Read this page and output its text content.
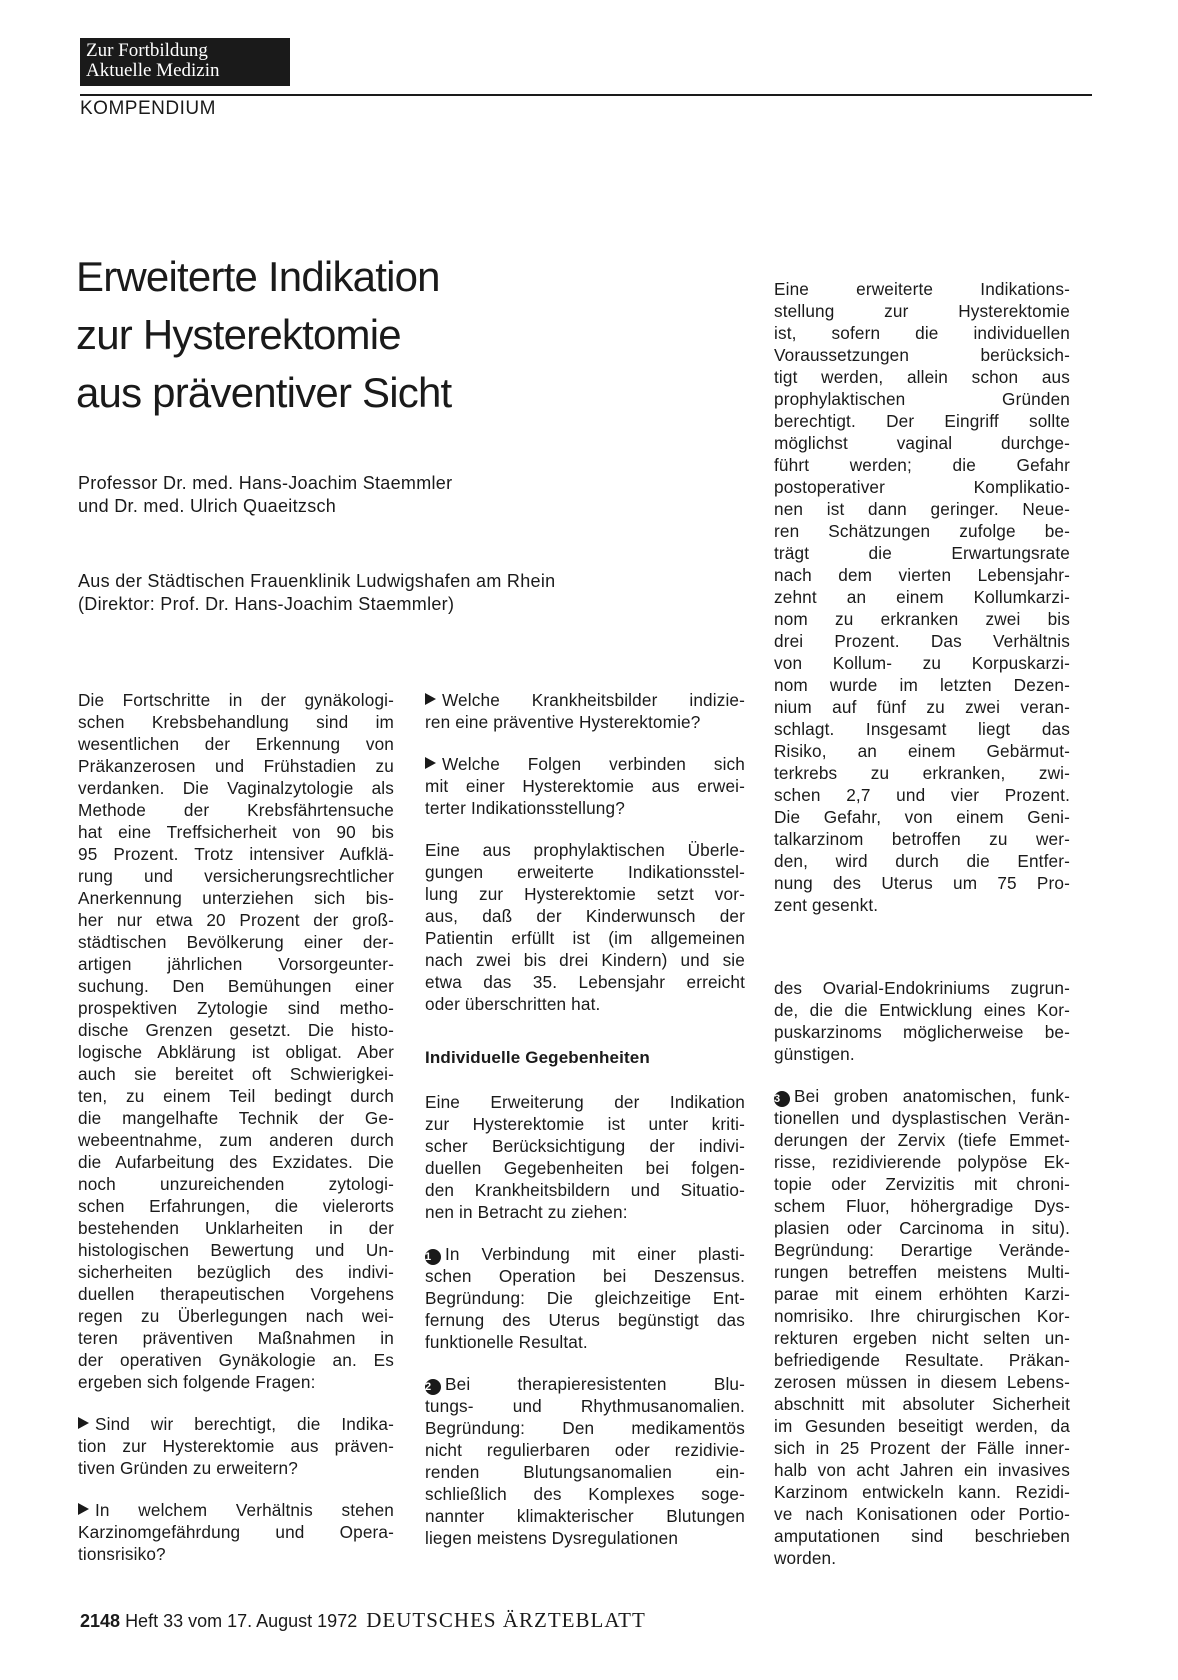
Zur Fortbildung
Aktuelle Medizin
KOMPENDIUM
Erweiterte Indikation
zur Hysterektomie
aus präventiver Sicht
Professor Dr. med. Hans-Joachim Staemmler
und Dr. med. Ulrich Quaeitzsch
Aus der Städtischen Frauenklinik Ludwigshafen am Rhein
(Direktor: Prof. Dr. Hans-Joachim Staemmler)

Die Fortschritte in der gynäkologi-
schen Krebsbehandlung sind im
wesentlichen der Erkennung von
Präkanzerosen und Frühstadien zu
verdanken. Die Vaginalzytologie als
Methode der Krebsfährtensuche
hat eine Treffsicherheit von 90 bis
95 Prozent. Trotz intensiver Aufklä-
rung und versicherungsrechtlicher
Anerkennung unterziehen sich bis-
her nur etwa 20 Prozent der groß-
städtischen Bevölkerung einer der-
artigen jährlichen Vorsorgeunter-
suchung. Den Bemühungen einer
prospektiven Zytologie sind metho-
dische Grenzen gesetzt. Die histo-
logische Abklärung ist obligat. Aber
auch sie bereitet oft Schwierigkei-
ten, zu einem Teil bedingt durch
die mangelhafte Technik der Ge-
webeentnahme, zum anderen durch
die Aufarbeitung des Exzidates. Die
noch unzureichenden zytologi-
schen Erfahrungen, die vielerorts
bestehenden Unklarheiten in der
histologischen Bewertung und Un-
sicherheiten bezüglich des indivi-
duellen therapeutischen Vorgehens
regen zu Überlegungen nach wei-
teren präventiven Maßnahmen in
der operativen Gynäkologie an. Es
ergeben sich folgende Fragen:

Sind wir berechtigt, die Indika-
tion zur Hysterektomie aus präven-
tiven Gründen zu erweitern?

In welchem Verhältnis stehen
Karzinomgefährdung und Opera-
tionsrisiko?

Welche Krankheitsbilder indizie-
ren eine präventive Hysterektomie?

Welche Folgen verbinden sich
mit einer Hysterektomie aus erwei-
terter Indikationsstellung?

Eine aus prophylaktischen Überle-
gungen erweiterte Indikationsstel-
lung zur Hysterektomie setzt vor-
aus, daß der Kinderwunsch der
Patientin erfüllt ist (im allgemeinen
nach zwei bis drei Kindern) und sie
etwa das 35. Lebensjahr erreicht
oder überschritten hat.

Individuelle Gegebenheiten

Eine Erweiterung der Indikation
zur Hysterektomie ist unter kriti-
scher Berücksichtigung der indivi-
duellen Gegebenheiten bei folgen-
den Krankheitsbildern und Situatio-
nen in Betracht zu ziehen:

1 In Verbindung mit einer plasti-
schen Operation bei Deszensus.
Begründung: Die gleichzeitige Ent-
fernung des Uterus begünstigt das
funktionelle Resultat.

2 Bei therapieresistenten Blu-
tungs- und Rhythmusanomalien.
Begründung: Den medikamentös
nicht regulierbaren oder rezidivie-
renden Blutungsanomalien ein-
schließlich des Komplexes soge-
nannter klimakterischer Blutungen
liegen meistens Dysregulationen

Eine erweiterte Indikations-
stellung zur Hysterektomie
ist, sofern die individuellen
Voraussetzungen berücksich-
tigt werden, allein schon aus
prophylaktischen Gründen
berechtigt. Der Eingriff sollte
möglichst vaginal durchge-
führt werden; die Gefahr
postoperativer Komplikatio-
nen ist dann geringer. Neue-
ren Schätzungen zufolge be-
trägt die Erwartungsrate
nach dem vierten Lebensjahr-
zehnt an einem Kollumkarzi-
nom zu erkranken zwei bis
drei Prozent. Das Verhältnis
von Kollum- zu Korpuskarzi-
nom wurde im letzten Dezen-
nium auf fünf zu zwei veran-
schlagt. Insgesamt liegt das
Risiko, an einem Gebärmut-
terkrebs zu erkranken, zwi-
schen 2,7 und vier Prozent.
Die Gefahr, von einem Geni-
talkarzinom betroffen zu wer-
den, wird durch die Entfer-
nung des Uterus um 75 Pro-
zent gesenkt.

des Ovarial-Endokriniums zugrun-
de, die die Entwicklung eines Kor-
puskarzinoms möglicherweise be-
günstigen.

3 Bei groben anatomischen, funk-
tionellen und dysplastischen Verän-
derungen der Zervix (tiefe Emmet-
risse, rezidivierende polypöse Ek-
topie oder Zervizitis mit chroni-
schem Fluor, höhergradige Dys-
plasien oder Carcinoma in situ).
Begründung: Derartige Verände-
rungen betreffen meistens Multi-
parae mit einem erhöhten Karzi-
nomrisiko. Ihre chirurgischen Kor-
rekturen ergeben nicht selten un-
befriedigende Resultate. Präkan-
zerosen müssen in diesem Lebens-
abschnitt mit absoluter Sicherheit
im Gesunden beseitigt werden, da
sich in 25 Prozent der Fälle inner-
halb von acht Jahren ein invasives
Karzinom entwickeln kann. Rezidi-
ve nach Konisationen oder Portio-
amputationen sind beschrieben
worden.

2148 Heft 33 vom 17. August 1972 DEUTSCHES ÄRZTEBLATT
